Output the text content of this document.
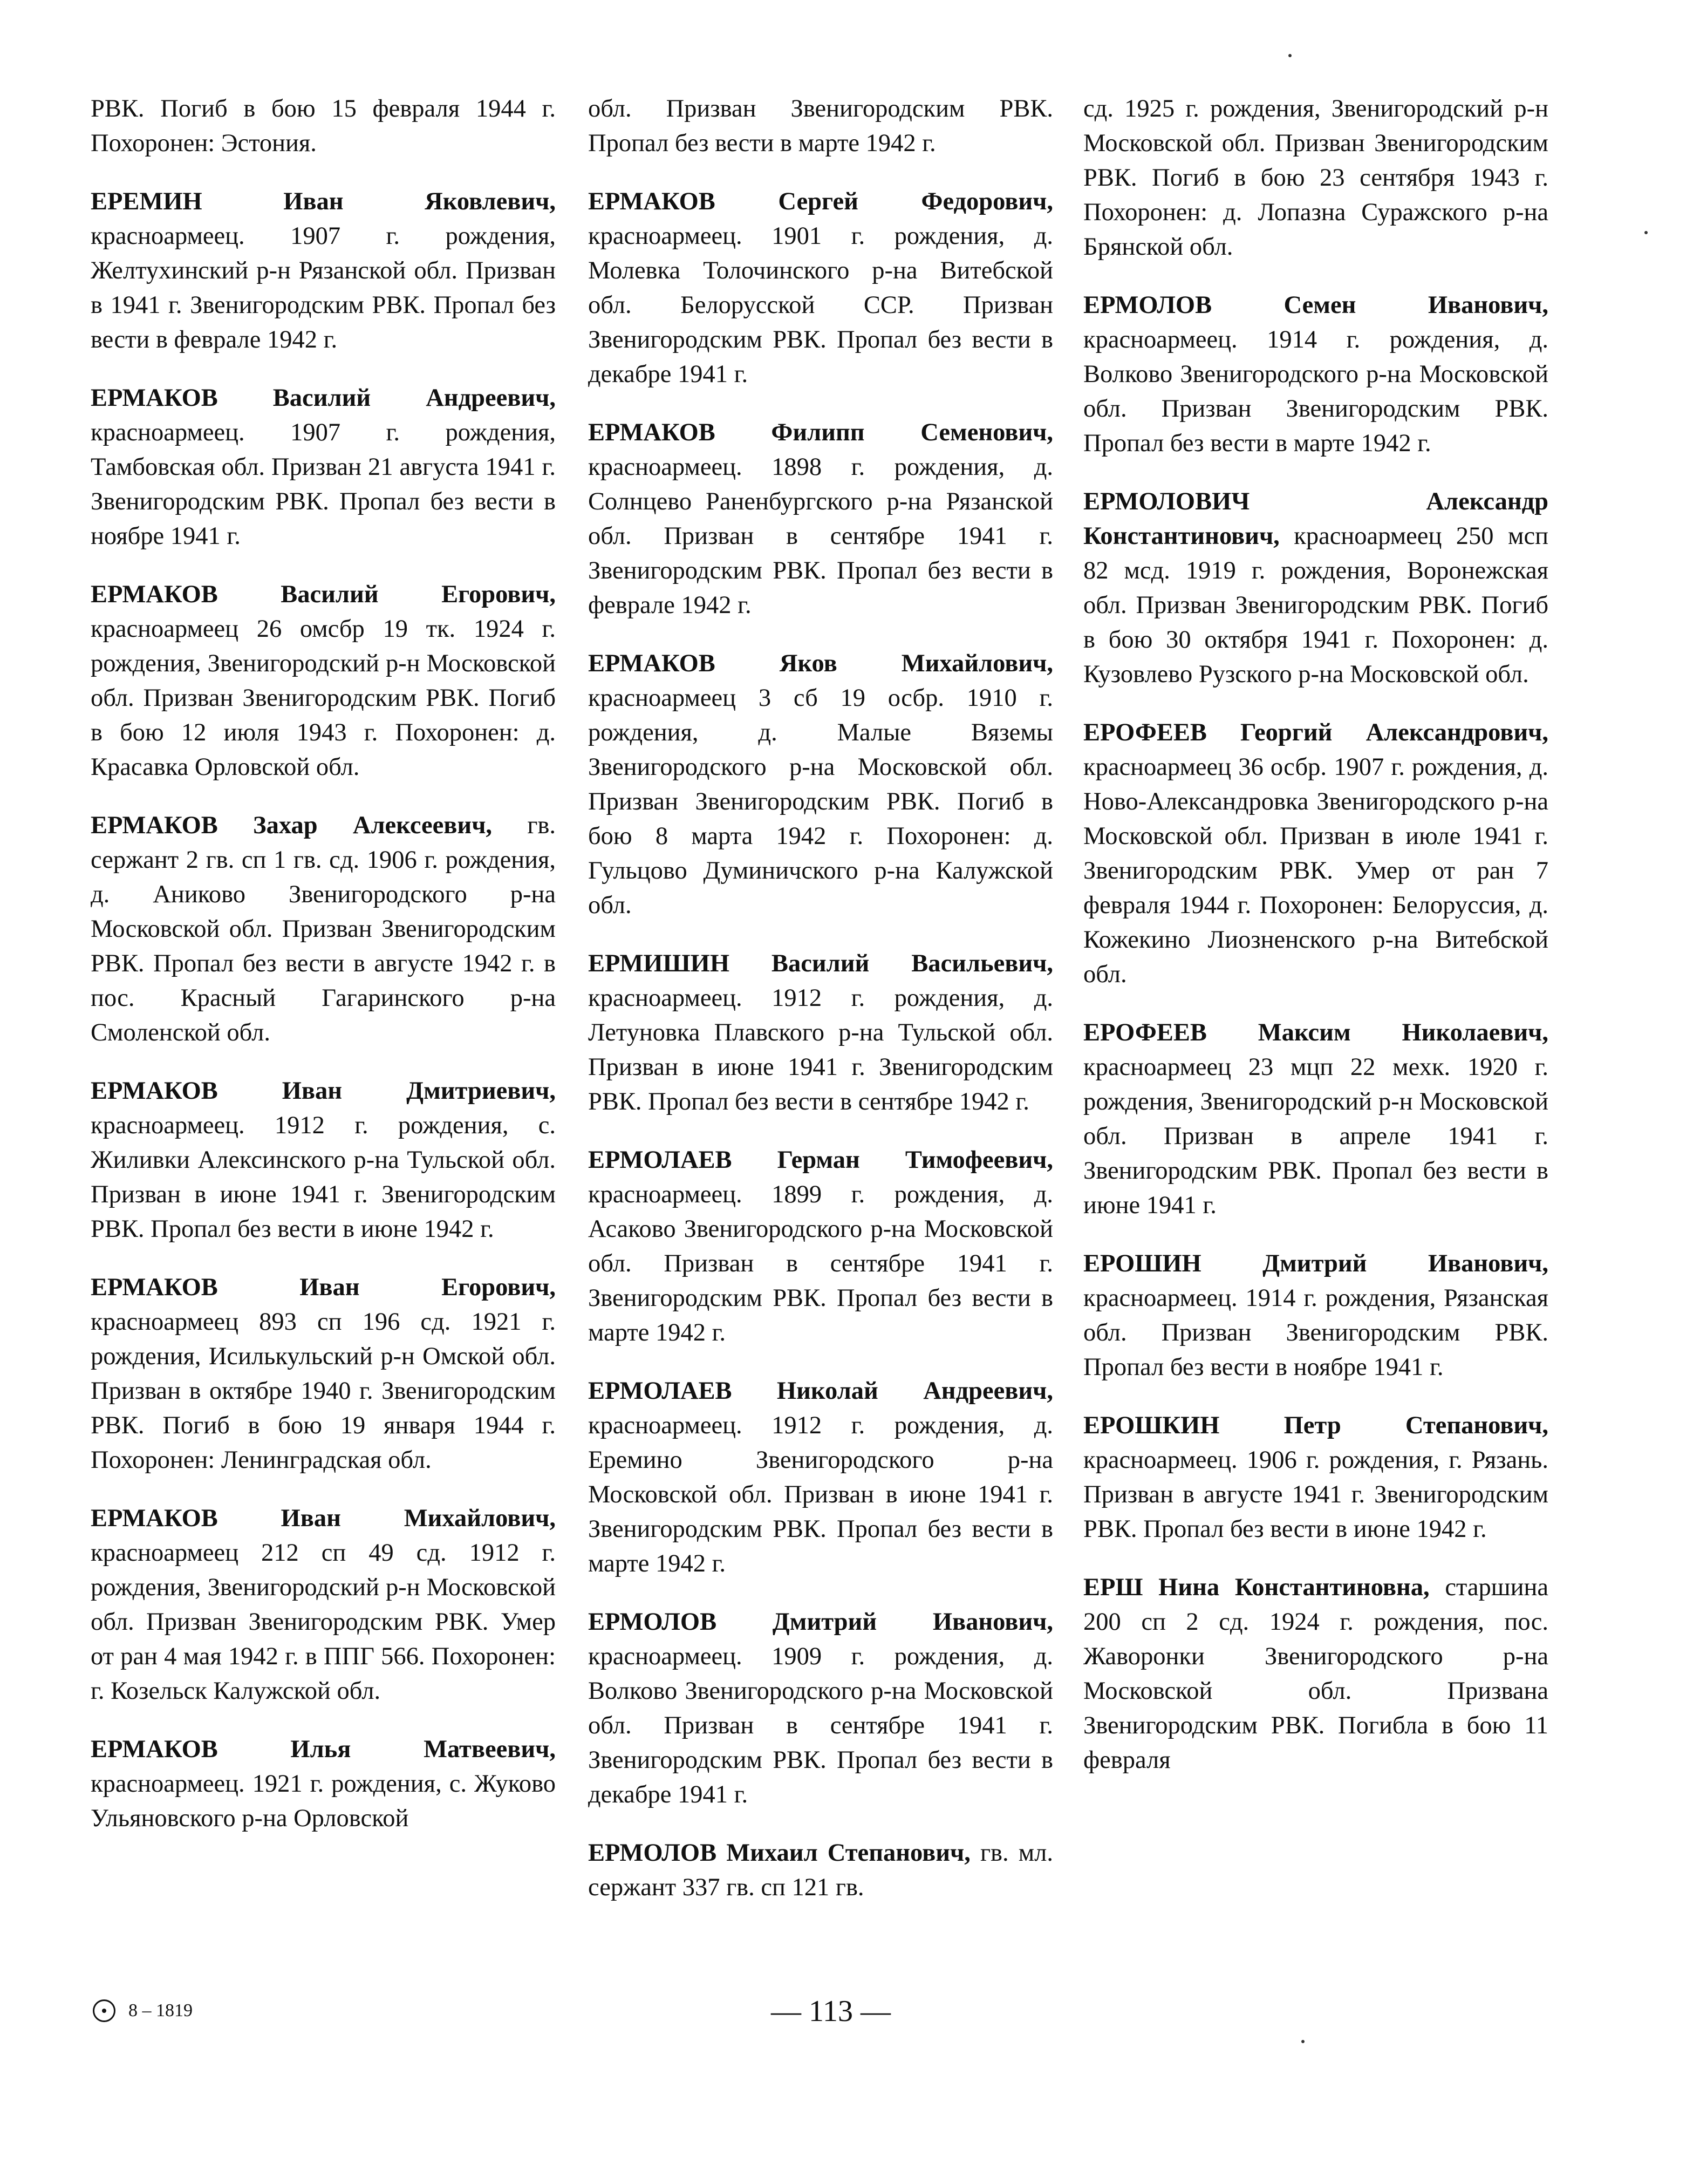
РВК. Погиб в бою 15 февраля 1944 г. Похоронен: Эстония.

ЕРЕМИН Иван Яковлевич, красноармеец. 1907 г. рождения, Желтухинский р-н Рязанской обл. Призван в 1941 г. Звенигородским РВК. Пропал без вести в феврале 1942 г.

ЕРМАКОВ Василий Андреевич, красноармеец. 1907 г. рождения, Тамбовская обл. Призван 21 августа 1941 г. Звенигородским РВК. Пропал без вести в ноябре 1941 г.

ЕРМАКОВ Василий Егорович, красноармеец 26 омсбр 19 тк. 1924 г. рождения, Звенигородский р-н Московской обл. Призван Звенигородским РВК. Погиб в бою 12 июля 1943 г. Похоронен: д. Красавка Орловской обл.

ЕРМАКОВ Захар Алексеевич, гв. сержант 2 гв. сп 1 гв. сд. 1906 г. рождения, д. Аниково Звенигородского р-на Московской обл. Призван Звенигородским РВК. Пропал без вести в августе 1942 г. в пос. Красный Гагаринского р-на Смоленской обл.

ЕРМАКОВ Иван Дмитриевич, красноармеец. 1912 г. рождения, с. Жиливки Алексинского р-на Тульской обл. Призван в июне 1941 г. Звенигородским РВК. Пропал без вести в июне 1942 г.

ЕРМАКОВ Иван Егорович, красноармеец 893 сп 196 сд. 1921 г. рождения, Исилькульский р-н Омской обл. Призван в октябре 1940 г. Звенигородским РВК. Погиб в бою 19 января 1944 г. Похоронен: Ленинградская обл.

ЕРМАКОВ Иван Михайлович, красноармеец 212 сп 49 сд. 1912 г. рождения, Звенигородский р-н Московской обл. Призван Звенигородским РВК. Умер от ран 4 мая 1942 г. в ППГ 566. Похоронен: г. Козельск Калужской обл.

ЕРМАКОВ Илья Матвеевич, красноармеец. 1921 г. рождения, с. Жуково Ульяновского р-на Орловской

обл. Призван Звенигородским РВК. Пропал без вести в марте 1942 г.

ЕРМАКОВ Сергей Федорович, красноармеец. 1901 г. рождения, д. Молевка Толочинского р-на Витебской обл. Белорусской ССР. Призван Звенигородским РВК. Пропал без вести в декабре 1941 г.

ЕРМАКОВ Филипп Семенович, красноармеец. 1898 г. рождения, д. Солнцево Раненбургского р-на Рязанской обл. Призван в сентябре 1941 г. Звенигородским РВК. Пропал без вести в феврале 1942 г.

ЕРМАКОВ Яков Михайлович, красноармеец 3 сб 19 осбр. 1910 г. рождения, д. Малые Вяземы Звенигородского р-на Московской обл. Призван Звенигородским РВК. Погиб в бою 8 марта 1942 г. Похоронен: д. Гульцово Думиничского р-на Калужской обл.

ЕРМИШИН Василий Васильевич, красноармеец. 1912 г. рождения, д. Летуновка Плавского р-на Тульской обл. Призван в июне 1941 г. Звенигородским РВК. Пропал без вести в сентябре 1942 г.

ЕРМОЛАЕВ Герман Тимофеевич, красноармеец. 1899 г. рождения, д. Асаково Звенигородского р-на Московской обл. Призван в сентябре 1941 г. Звенигородским РВК. Пропал без вести в марте 1942 г.

ЕРМОЛАЕВ Николай Андреевич, красноармеец. 1912 г. рождения, д. Еремино Звенигородского р-на Московской обл. Призван в июне 1941 г. Звенигородским РВК. Пропал без вести в марте 1942 г.

ЕРМОЛОВ Дмитрий Иванович, красноармеец. 1909 г. рождения, д. Волково Звенигородского р-на Московской обл. Призван в сентябре 1941 г. Звенигородским РВК. Пропал без вести в декабре 1941 г.

ЕРМОЛОВ Михаил Степанович, гв. мл. сержант 337 гв. сп 121 гв.

сд. 1925 г. рождения, Звенигородский р-н Московской обл. Призван Звенигородским РВК. Погиб в бою 23 сентября 1943 г. Похоронен: д. Лопазна Суражского р-на Брянской обл.

ЕРМОЛОВ Семен Иванович, красноармеец. 1914 г. рождения, д. Волково Звенигородского р-на Московской обл. Призван Звенигородским РВК. Пропал без вести в марте 1942 г.

ЕРМОЛОВИЧ Александр Константинович, красноармеец 250 мсп 82 мсд. 1919 г. рождения, Воронежская обл. Призван Звенигородским РВК. Погиб в бою 30 октября 1941 г. Похоронен: д. Кузовлево Рузского р-на Московской обл.

ЕРОФЕЕВ Георгий Александрович, красноармеец 36 осбр. 1907 г. рождения, д. Ново-Александровка Звенигородского р-на Московской обл. Призван в июле 1941 г. Звенигородским РВК. Умер от ран 7 февраля 1944 г. Похоронен: Белоруссия, д. Кожекино Лиозненского р-на Витебской обл.

ЕРОФЕЕВ Максим Николаевич, красноармеец 23 мцп 22 мехк. 1920 г. рождения, Звенигородский р-н Московской обл. Призван в апреле 1941 г. Звенигородским РВК. Пропал без вести в июне 1941 г.

ЕРОШИН Дмитрий Иванович, красноармеец. 1914 г. рождения, Рязанская обл. Призван Звенигородским РВК. Пропал без вести в ноябре 1941 г.

ЕРОШКИН Петр Степанович, красноармеец. 1906 г. рождения, г. Рязань. Призван в августе 1941 г. Звенигородским РВК. Пропал без вести в июне 1942 г.

ЕРШ Нина Константиновна, старшина 200 сп 2 сд. 1924 г. рождения, пос. Жаворонки Звенигородского р-на Московской обл. Призвана Звенигородским РВК. Погибла в бою 11 февраля

8 – 1819	— 113 —
